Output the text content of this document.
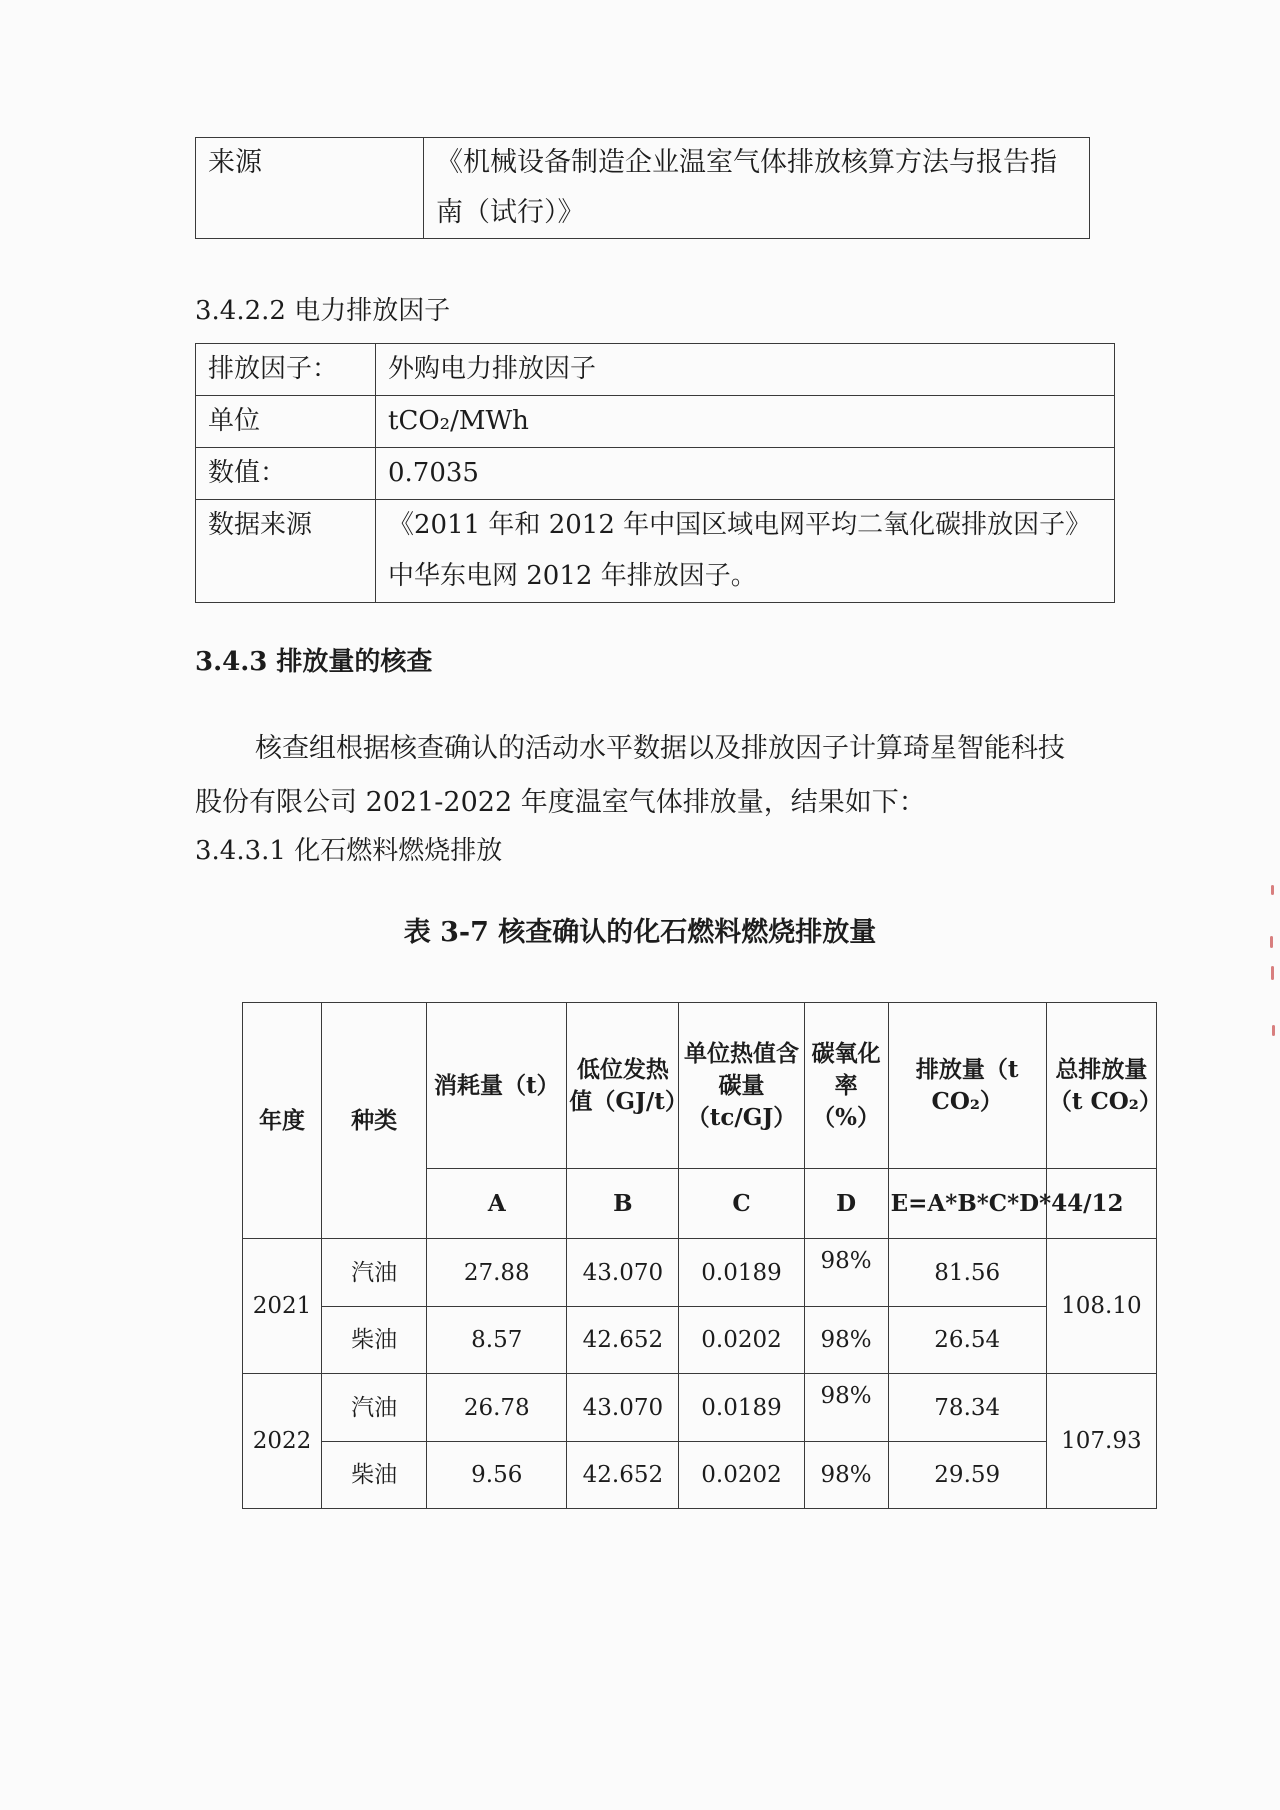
来源	《机械设备制造企业温室气体排放核算方法与报告指南（试行）》
3.4.2.2 电力排放因子
排放因子：	外购电力排放因子
单位	tCO₂/MWh
数值：	0.7035
数据来源	《2011 年和 2012 年中国区域电网平均二氧化碳排放因子》中华东电网 2012 年排放因子。
3.4.3 排放量的核查
核查组根据核查确认的活动水平数据以及排放因子计算琦星智能科技股份有限公司 2021-2022 年度温室气体排放量，结果如下：
3.4.3.1 化石燃料燃烧排放
表 3-7 核查确认的化石燃料燃烧排放量
年度	种类	消耗量（t）	低位发热值（GJ/t）	单位热值含碳量（tc/GJ）	碳氧化率（%）	排放量（t CO₂）	总排放量（t CO₂）
		A	B	C	D	E=A*B*C*D*44/12	
2021	汽油	27.88	43.070	0.0189	98%	81.56	108.10
	柴油	8.57	42.652	0.0202	98%	26.54	
2022	汽油	26.78	43.070	0.0189	98%	78.34	107.93
	柴油	9.56	42.652	0.0202	98%	29.59	
